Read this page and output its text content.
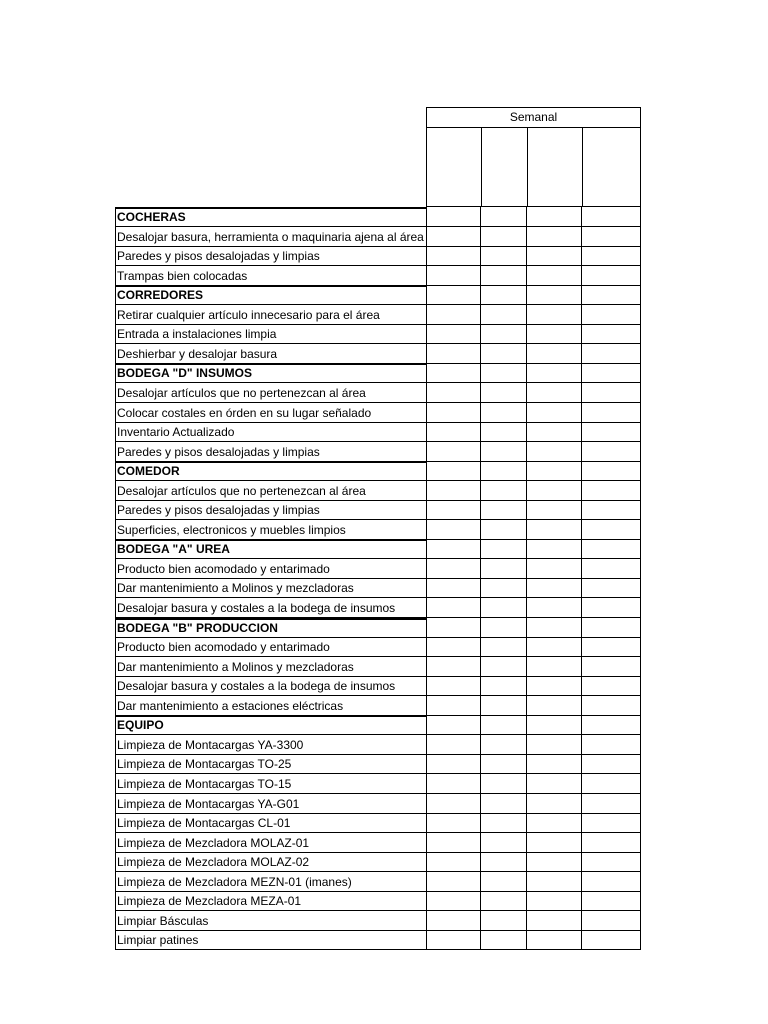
Semanal
COCHERAS
Desalojar basura, herramienta o maquinaria ajena al área
Paredes y pisos desalojadas y limpias
Trampas bien colocadas
CORREDORES
Retirar cualquier artículo innecesario para el área
Entrada a instalaciones limpia
Deshierbar y desalojar basura
BODEGA "D" INSUMOS
Desalojar artículos que no pertenezcan al área
Colocar costales en órden en su lugar señalado
Inventario Actualizado
Paredes y pisos desalojadas y limpias
COMEDOR
Desalojar artículos que no pertenezcan al área
Paredes y pisos desalojadas y limpias
Superficies, electronicos y muebles limpios
BODEGA "A" UREA
Producto bien acomodado y entarimado
Dar mantenimiento a Molinos y mezcladoras
Desalojar basura y costales a la bodega de insumos
BODEGA "B" PRODUCCION
Producto bien acomodado y entarimado
Dar mantenimiento a Molinos y mezcladoras
Desalojar basura y costales a la bodega de insumos
Dar mantenimiento a estaciones eléctricas
EQUIPO
Limpieza de Montacargas YA-3300
Limpieza de Montacargas TO-25
Limpieza de Montacargas TO-15
Limpieza de Montacargas YA-G01
Limpieza de Montacargas CL-01
Limpieza de Mezcladora MOLAZ-01
Limpieza de Mezcladora MOLAZ-02
Limpieza de Mezcladora MEZN-01 (imanes)
Limpieza de Mezcladora MEZA-01
Limpiar Básculas
Limpiar patines
